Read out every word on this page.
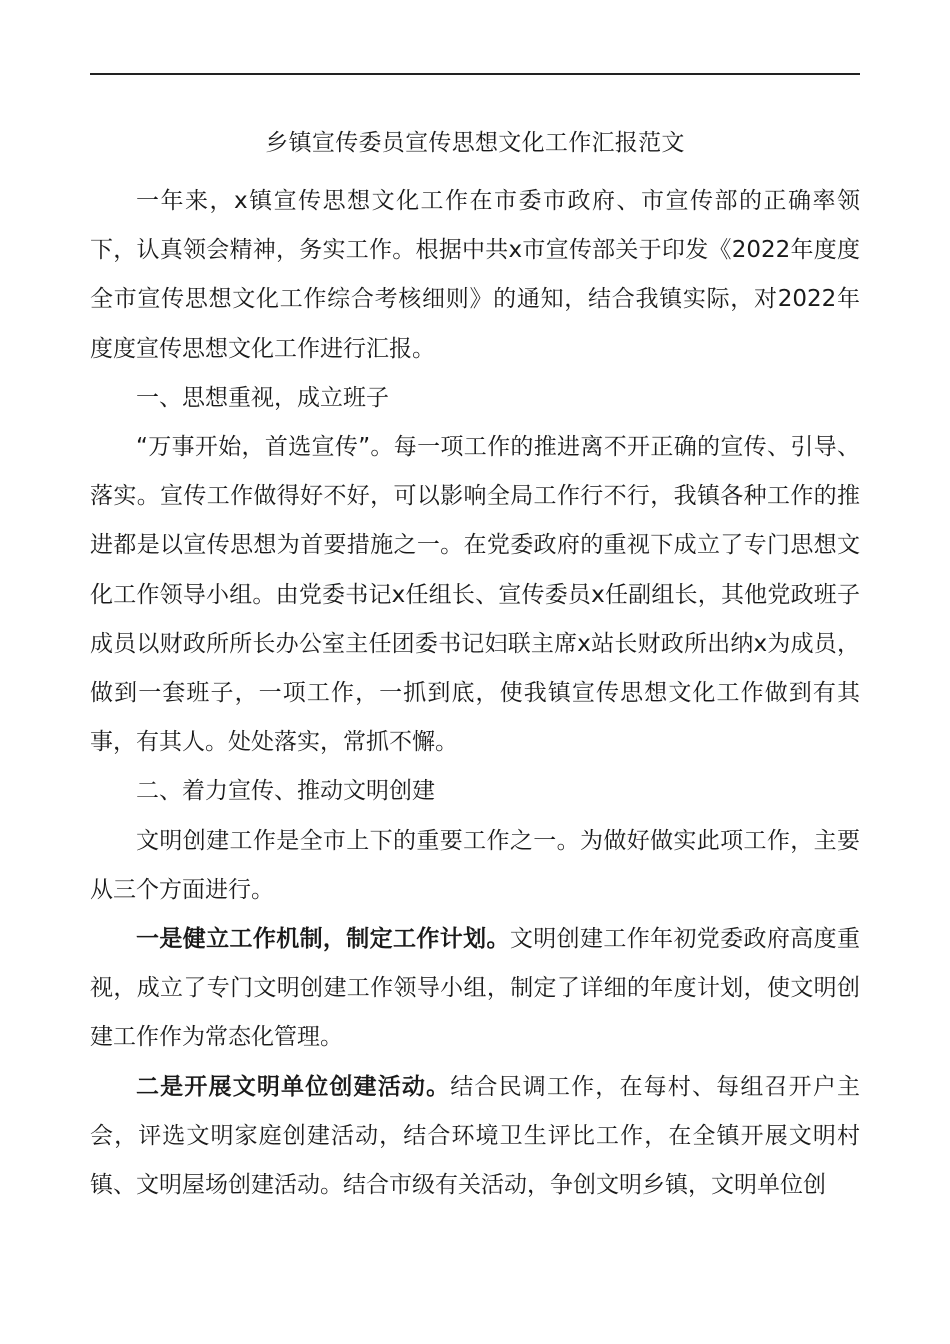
乡镇宣传委员宣传思想文化工作汇报范文

一年来，x镇宣传思想文化工作在市委市政府、市宣传部的正确率领下，认真领会精神，务实工作。根据中共x市宣传部关于印发《2022年度度全市宣传思想文化工作综合考核细则》的通知，结合我镇实际，对2022年度度宣传思想文化工作进行汇报。

一、思想重视，成立班子

“万事开始，首选宣传”。每一项工作的推进离不开正确的宣传、引导、落实。宣传工作做得好不好，可以影响全局工作行不行，我镇各种工作的推进都是以宣传思想为首要措施之一。在党委政府的重视下成立了专门思想文化工作领导小组。由党委书记x任组长、宣传委员x任副组长，其他党政班子成员以财政所所长办公室主任团委书记妇联主席x站长财政所出纳x为成员，做到一套班子，一项工作，一抓到底，使我镇宣传思想文化工作做到有其事，有其人。处处落实，常抓不懈。

二、着力宣传、推动文明创建

文明创建工作是全市上下的重要工作之一。为做好做实此项工作，主要从三个方面进行。

一是健立工作机制，制定工作计划。文明创建工作年初党委政府高度重视，成立了专门文明创建工作领导小组，制定了详细的年度计划，使文明创建工作作为常态化管理。

二是开展文明单位创建活动。结合民调工作，在每村、每组召开户主会，评选文明家庭创建活动，结合环境卫生评比工作，在全镇开展文明村镇、文明屋场创建活动。结合市级有关活动，争创文明乡镇，文明单位创
